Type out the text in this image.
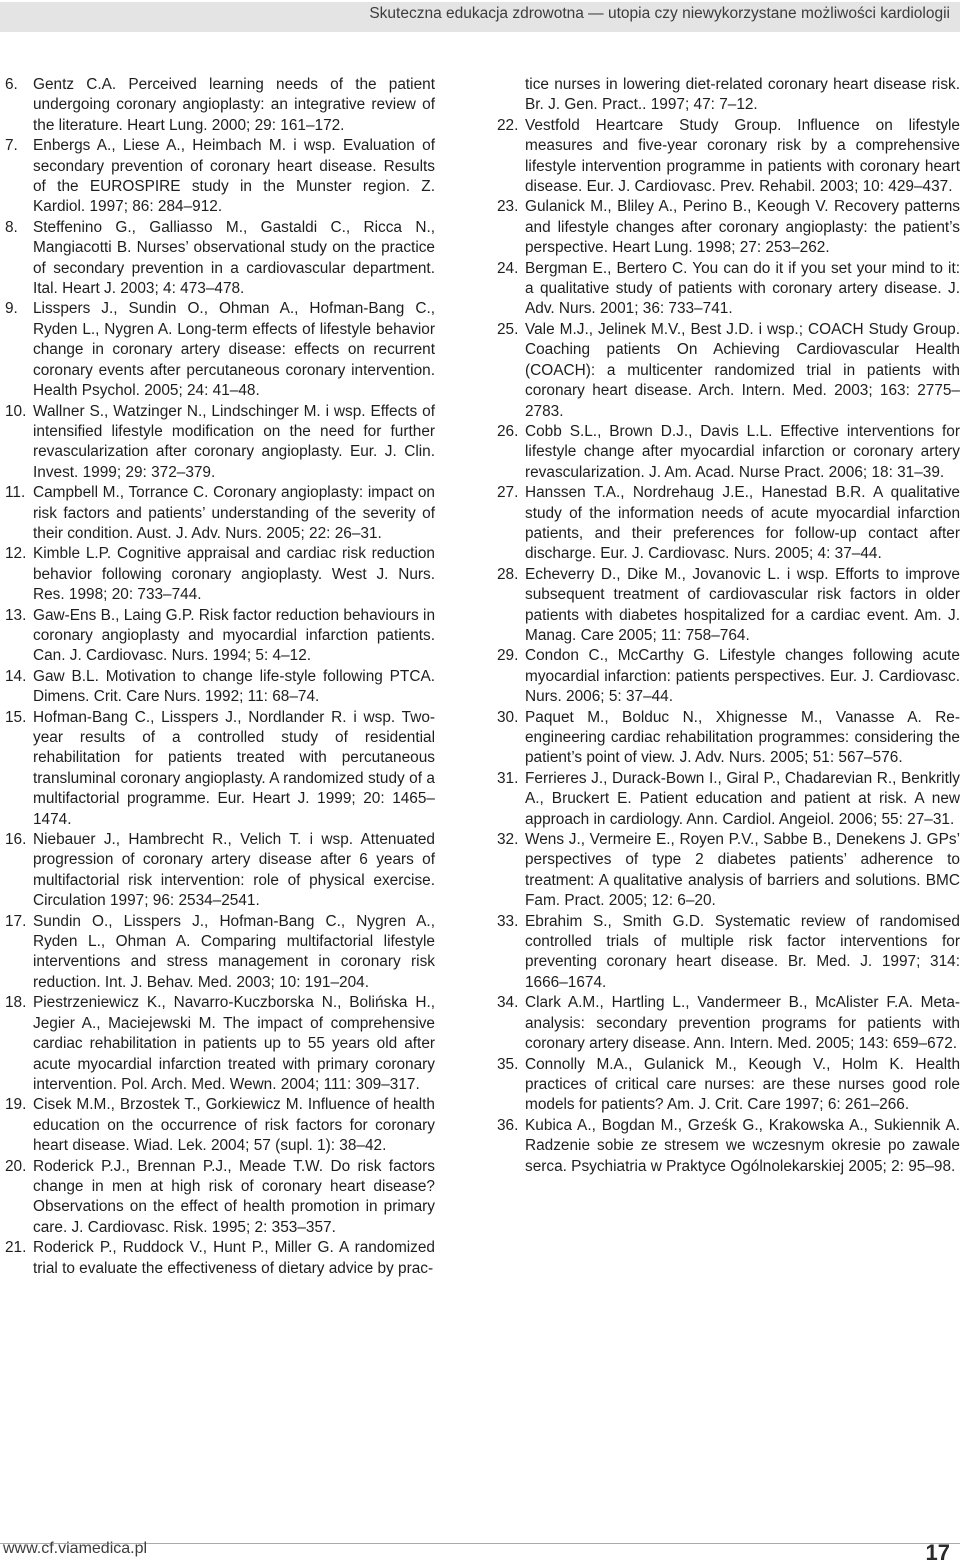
Skuteczna edukacja zdrowotna — utopia czy niewykorzystane możliwości kardiologii
6. Gentz C.A. Perceived learning needs of the patient undergoing coronary angioplasty: an integrative review of the literature. Heart Lung. 2000; 29: 161–172.
7. Enbergs A., Liese A., Heimbach M. i wsp. Evaluation of secondary prevention of coronary heart disease. Results of the EUROSPIRE study in the Munster region. Z. Kardiol. 1997; 86: 284–912.
8. Steffenino G., Galliasso M., Gastaldi C., Ricca N., Mangiacotti B. Nurses’ observational study on the practice of secondary prevention in a cardiovascular department. Ital. Heart J. 2003; 4: 473–478.
9. Lisspers J., Sundin O., Ohman A., Hofman-Bang C., Ryden L., Nygren A. Long-term effects of lifestyle behavior change in coronary artery disease: effects on recurrent coronary events after percutaneous coronary intervention. Health Psychol. 2005; 24: 41–48.
10. Wallner S., Watzinger N., Lindschinger M. i wsp. Effects of intensified lifestyle modification on the need for further revascularization after coronary angioplasty. Eur. J. Clin. Invest. 1999; 29: 372–379.
11. Campbell M., Torrance C. Coronary angioplasty: impact on risk factors and patients’ understanding of the severity of their condition. Aust. J. Adv. Nurs. 2005; 22: 26–31.
12. Kimble L.P. Cognitive appraisal and cardiac risk reduction behavior following coronary angioplasty. West J. Nurs. Res. 1998; 20: 733–744.
13. Gaw-Ens B., Laing G.P. Risk factor reduction behaviours in coronary angioplasty and myocardial infarction patients. Can. J. Cardiovasc. Nurs. 1994; 5: 4–12.
14. Gaw B.L. Motivation to change life-style following PTCA. Dimens. Crit. Care Nurs. 1992; 11: 68–74.
15. Hofman-Bang C., Lisspers J., Nordlander R. i wsp. Two-year results of a controlled study of residential rehabilitation for patients treated with percutaneous transluminal coronary angioplasty. A randomized study of a multifactorial programme. Eur. Heart J. 1999; 20: 1465–1474.
16. Niebauer J., Hambrecht R., Velich T. i wsp. Attenuated progression of coronary artery disease after 6 years of multifactorial risk intervention: role of physical exercise. Circulation 1997; 96: 2534–2541.
17. Sundin O., Lisspers J., Hofman-Bang C., Nygren A., Ryden L., Ohman A. Comparing multifactorial lifestyle interventions and stress management in coronary risk reduction. Int. J. Behav. Med. 2003; 10: 191–204.
18. Piestrzeniewicz K., Navarro-Kuczborska N., Bolińska H., Jegier A., Maciejewski M. The impact of comprehensive cardiac rehabilitation in patients up to 55 years old after acute myocardial infarction treated with primary coronary intervention. Pol. Arch. Med. Wewn. 2004; 111: 309–317.
19. Cisek M.M., Brzostek T., Gorkiewicz M. Influence of health education on the occurrence of risk factors for coronary heart disease. Wiad. Lek. 2004; 57 (supl. 1): 38–42.
20. Roderick P.J., Brennan P.J., Meade T.W. Do risk factors change in men at high risk of coronary heart disease? Observations on the effect of health promotion in primary care. J. Cardiovasc. Risk. 1995; 2: 353–357.
21. Roderick P., Ruddock V., Hunt P., Miller G. A randomized trial to evaluate the effectiveness of dietary advice by prac-
tice nurses in lowering diet-related coronary heart disease risk. Br. J. Gen. Pract.. 1997; 47: 7–12.
22. Vestfold Heartcare Study Group. Influence on lifestyle measures and five-year coronary risk by a comprehensive lifestyle intervention programme in patients with coronary heart disease. Eur. J. Cardiovasc. Prev. Rehabil. 2003; 10: 429–437.
23. Gulanick M., Bliley A., Perino B., Keough V. Recovery patterns and lifestyle changes after coronary angioplasty: the patient’s perspective. Heart Lung. 1998; 27: 253–262.
24. Bergman E., Bertero C. You can do it if you set your mind to it: a qualitative study of patients with coronary artery disease. J. Adv. Nurs. 2001; 36: 733–741.
25. Vale M.J., Jelinek M.V., Best J.D. i wsp.; COACH Study Group. Coaching patients On Achieving Cardiovascular Health (COACH): a multicenter randomized trial in patients with coronary heart disease. Arch. Intern. Med. 2003; 163: 2775–2783.
26. Cobb S.L., Brown D.J., Davis L.L. Effective interventions for lifestyle change after myocardial infarction or coronary artery revascularization. J. Am. Acad. Nurse Pract. 2006; 18: 31–39.
27. Hanssen T.A., Nordrehaug J.E., Hanestad B.R. A qualitative study of the information needs of acute myocardial infarction patients, and their preferences for follow-up contact after discharge. Eur. J. Cardiovasc. Nurs. 2005; 4: 37–44.
28. Echeverry D., Dike M., Jovanovic L. i wsp. Efforts to improve subsequent treatment of cardiovascular risk factors in older patients with diabetes hospitalized for a cardiac event. Am. J. Manag. Care 2005; 11: 758–764.
29. Condon C., McCarthy G. Lifestyle changes following acute myocardial infarction: patients perspectives. Eur. J. Cardiovasc. Nurs. 2006; 5: 37–44.
30. Paquet M., Bolduc N., Xhignesse M., Vanasse A. Re-engineering cardiac rehabilitation programmes: considering the patient’s point of view. J. Adv. Nurs. 2005; 51: 567–576.
31. Ferrieres J., Durack-Bown I., Giral P., Chadarevian R., Benkritly A., Bruckert E. Patient education and patient at risk. A new approach in cardiology. Ann. Cardiol. Angeiol. 2006; 55: 27–31.
32. Wens J., Vermeire E., Royen P.V., Sabbe B., Denekens J. GPs’ perspectives of type 2 diabetes patients’ adherence to treatment: A qualitative analysis of barriers and solutions. BMC Fam. Pract. 2005; 12: 6–20.
33. Ebrahim S., Smith G.D. Systematic review of randomised controlled trials of multiple risk factor interventions for preventing coronary heart disease. Br. Med. J. 1997; 314: 1666–1674.
34. Clark A.M., Hartling L., Vandermeer B., McAlister F.A. Meta-analysis: secondary prevention programs for patients with coronary artery disease. Ann. Intern. Med. 2005; 143: 659–672.
35. Connolly M.A., Gulanick M., Keough V., Holm K. Health practices of critical care nurses: are these nurses good role models for patients? Am. J. Crit. Care 1997; 6: 261–266.
36. Kubica A., Bogdan M., Grześk G., Krakowska A., Sukiennik A. Radzenie sobie ze stresem we wczesnym okresie po zawale serca. Psychiatria w Praktyce Ogólnolekarskiej 2005; 2: 95–98.
www.cf.viamedica.pl	17
